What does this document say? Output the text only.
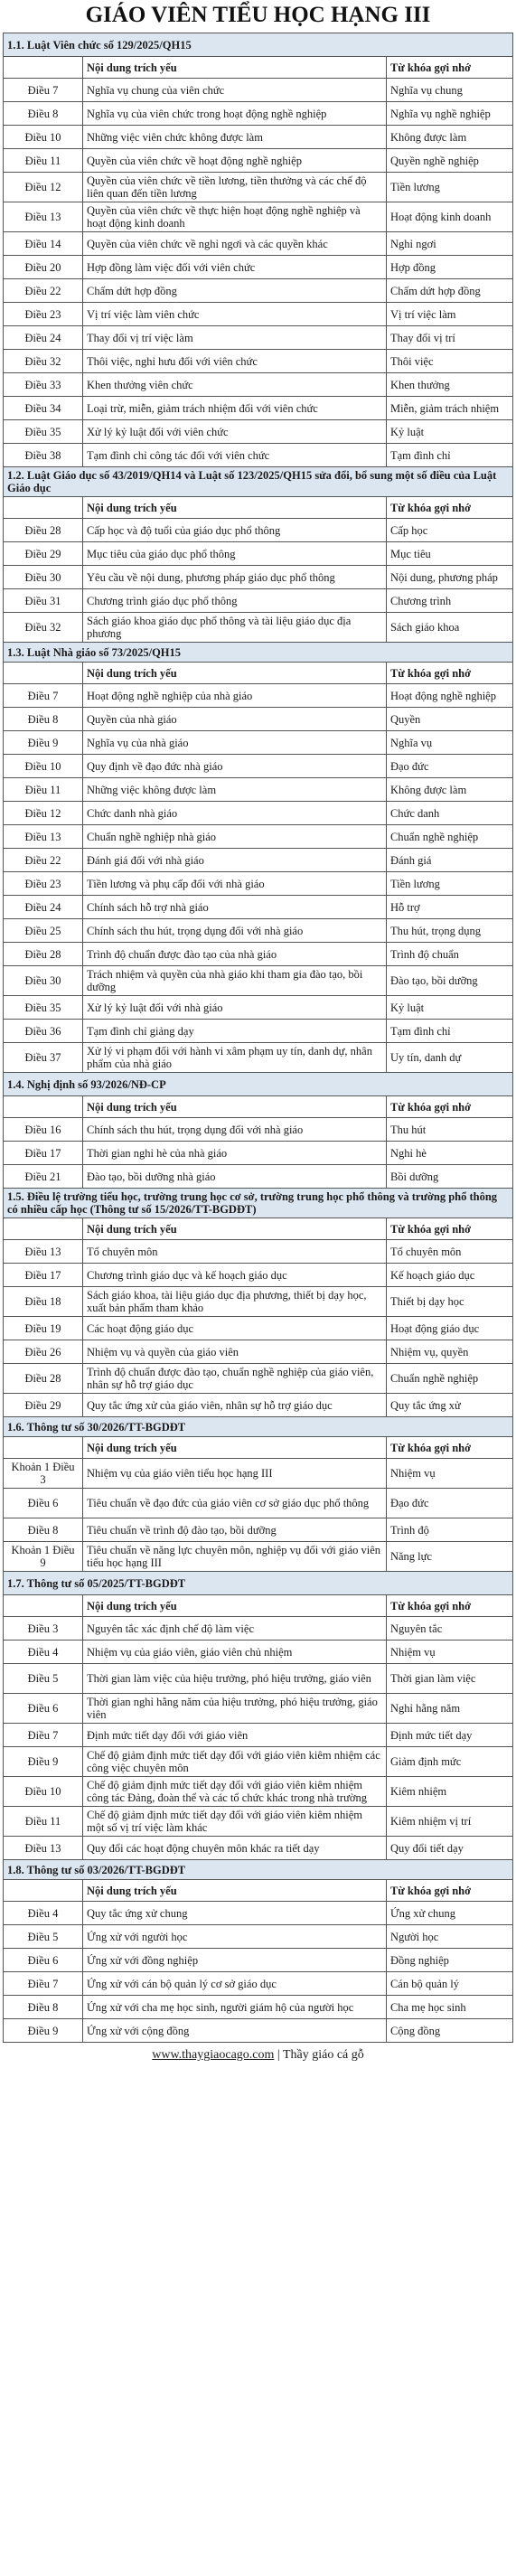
GIÁO VIÊN TIỂU HỌC HẠNG III
1.1. Luật Viên chức số 129/2025/QH15		
	Nội dung trích yếu	Từ khóa gợi nhớ
Điều 7	Nghĩa vụ chung của viên chức	Nghĩa vụ chung
Điều 8	Nghĩa vụ của viên chức trong hoạt động nghề nghiệp	Nghĩa vụ nghề nghiệp
Điều 10	Những việc viên chức không được làm	Không được làm
Điều 11	Quyền của viên chức về hoạt động nghề nghiệp	Quyền nghề nghiệp
Điều 12	Quyền của viên chức về tiền lương, tiền thưởng và các chế độ liên quan đến tiền lương	Tiền lương
Điều 13	Quyền của viên chức về thực hiện hoạt động nghề nghiệp và hoạt động kinh doanh	Hoạt động kinh doanh
Điều 14	Quyền của viên chức về nghỉ ngơi và các quyền khác	Nghỉ ngơi
Điều 20	Hợp đồng làm việc đối với viên chức	Hợp đồng
Điều 22	Chấm dứt hợp đồng	Chấm dứt hợp đồng
Điều 23	Vị trí việc làm viên chức	Vị trí việc làm
Điều 24	Thay đổi vị trí việc làm	Thay đổi vị trí
Điều 32	Thôi việc, nghỉ hưu đối với viên chức	Thôi việc
Điều 33	Khen thưởng viên chức	Khen thưởng
Điều 34	Loại trừ, miễn, giảm trách nhiệm đối với viên chức	Miễn, giảm trách nhiệm
Điều 35	Xử lý kỷ luật đối với viên chức	Kỷ luật
Điều 38	Tạm đình chỉ công tác đối với viên chức	Tạm đình chỉ
1.2. Luật Giáo dục số 43/2019/QH14 và Luật số 123/2025/QH15 sửa đổi, bổ sung một số điều của Luật Giáo dục		
	Nội dung trích yếu	Từ khóa gợi nhớ
Điều 28	Cấp học và độ tuổi của giáo dục phổ thông	Cấp học
Điều 29	Mục tiêu của giáo dục phổ thông	Mục tiêu
Điều 30	Yêu cầu về nội dung, phương pháp giáo dục phổ thông	Nội dung, phương pháp
Điều 31	Chương trình giáo dục phổ thông	Chương trình
Điều 32	Sách giáo khoa giáo dục phổ thông và tài liệu giáo dục địa phương	Sách giáo khoa
1.3. Luật Nhà giáo số 73/2025/QH15		
	Nội dung trích yếu	Từ khóa gợi nhớ
Điều 7	Hoạt động nghề nghiệp của nhà giáo	Hoạt động nghề nghiệp
Điều 8	Quyền của nhà giáo	Quyền
Điều 9	Nghĩa vụ của nhà giáo	Nghĩa vụ
Điều 10	Quy định về đạo đức nhà giáo	Đạo đức
Điều 11	Những việc không được làm	Không được làm
Điều 12	Chức danh nhà giáo	Chức danh
Điều 13	Chuẩn nghề nghiệp nhà giáo	Chuẩn nghề nghiệp
Điều 22	Đánh giá đối với nhà giáo	Đánh giá
Điều 23	Tiền lương và phụ cấp đối với nhà giáo	Tiền lương
Điều 24	Chính sách hỗ trợ nhà giáo	Hỗ trợ
Điều 25	Chính sách thu hút, trọng dụng đối với nhà giáo	Thu hút, trọng dụng
Điều 28	Trình độ chuẩn được đào tạo của nhà giáo	Trình độ chuẩn
Điều 30	Trách nhiệm và quyền của nhà giáo khi tham gia đào tạo, bồi dưỡng	Đào tạo, bồi dưỡng
Điều 35	Xử lý kỷ luật đối với nhà giáo	Kỷ luật
Điều 36	Tạm đình chỉ giảng dạy	Tạm đình chỉ
Điều 37	Xử lý vi phạm đối với hành vi xâm phạm uy tín, danh dự, nhân phẩm của nhà giáo	Uy tín, danh dự
1.4. Nghị định số 93/2026/NĐ-CP		
	Nội dung trích yếu	Từ khóa gợi nhớ
Điều 16	Chính sách thu hút, trọng dụng đối với nhà giáo	Thu hút
Điều 17	Thời gian nghỉ hè của nhà giáo	Nghỉ hè
Điều 21	Đào tạo, bồi dưỡng nhà giáo	Bồi dưỡng
1.5. Điều lệ trường tiểu học, trường trung học cơ sở, trường trung học phổ thông và trường phổ thông có nhiều cấp học (Thông tư số 15/2026/TT-BGDĐT)		
	Nội dung trích yếu	Từ khóa gợi nhớ
Điều 13	Tổ chuyên môn	Tổ chuyên môn
Điều 17	Chương trình giáo dục và kế hoạch giáo dục	Kế hoạch giáo dục
Điều 18	Sách giáo khoa, tài liệu giáo dục địa phương, thiết bị dạy học, xuất bản phẩm tham khảo	Thiết bị dạy học
Điều 19	Các hoạt động giáo dục	Hoạt động giáo dục
Điều 26	Nhiệm vụ và quyền của giáo viên	Nhiệm vụ, quyền
Điều 28	Trình độ chuẩn được đào tạo, chuẩn nghề nghiệp của giáo viên, nhân sự hỗ trợ giáo dục	Chuẩn nghề nghiệp
Điều 29	Quy tắc ứng xử của giáo viên, nhân sự hỗ trợ giáo dục	Quy tắc ứng xử
1.6. Thông tư số 30/2026/TT-BGDĐT		
	Nội dung trích yếu	Từ khóa gợi nhớ
Khoản 1 Điều 3	Nhiệm vụ của giáo viên tiểu học hạng III	Nhiệm vụ
Điều 6	Tiêu chuẩn về đạo đức của giáo viên cơ sở giáo dục phổ thông	Đạo đức
Điều 8	Tiêu chuẩn về trình độ đào tạo, bồi dưỡng	Trình độ
Khoản 1 Điều 9	Tiêu chuẩn về năng lực chuyên môn, nghiệp vụ đối với giáo viên tiểu học hạng III	Năng lực
1.7. Thông tư số 05/2025/TT-BGDĐT		
	Nội dung trích yếu	Từ khóa gợi nhớ
Điều 3	Nguyên tắc xác định chế độ làm việc	Nguyên tắc
Điều 4	Nhiệm vụ của giáo viên, giáo viên chủ nhiệm	Nhiệm vụ
Điều 5	Thời gian làm việc của hiệu trưởng, phó hiệu trưởng, giáo viên	Thời gian làm việc
Điều 6	Thời gian nghỉ hằng năm của hiệu trưởng, phó hiệu trưởng, giáo viên	Nghỉ hằng năm
Điều 7	Định mức tiết dạy đối với giáo viên	Định mức tiết dạy
Điều 9	Chế độ giảm định mức tiết dạy đối với giáo viên kiêm nhiệm các công việc chuyên môn	Giảm định mức
Điều 10	Chế độ giảm định mức tiết dạy đối với giáo viên kiêm nhiệm công tác Đảng, đoàn thể và các tổ chức khác trong nhà trường	Kiêm nhiệm
Điều 11	Chế độ giảm định mức tiết dạy đối với giáo viên kiêm nhiệm một số vị trí việc làm khác	Kiêm nhiệm vị trí
Điều 13	Quy đổi các hoạt động chuyên môn khác ra tiết dạy	Quy đổi tiết dạy
1.8. Thông tư số 03/2026/TT-BGDĐT		
	Nội dung trích yếu	Từ khóa gợi nhớ
Điều 4	Quy tắc ứng xử chung	Ứng xử chung
Điều 5	Ứng xử với người học	Người học
Điều 6	Ứng xử với đồng nghiệp	Đồng nghiệp
Điều 7	Ứng xử với cán bộ quản lý cơ sở giáo dục	Cán bộ quản lý
Điều 8	Ứng xử với cha mẹ học sinh, người giám hộ của người học	Cha mẹ học sinh
Điều 9	Ứng xử với cộng đồng	Cộng đồng
www.thaygiaocago.com | Thầy giáo cá gỗ
